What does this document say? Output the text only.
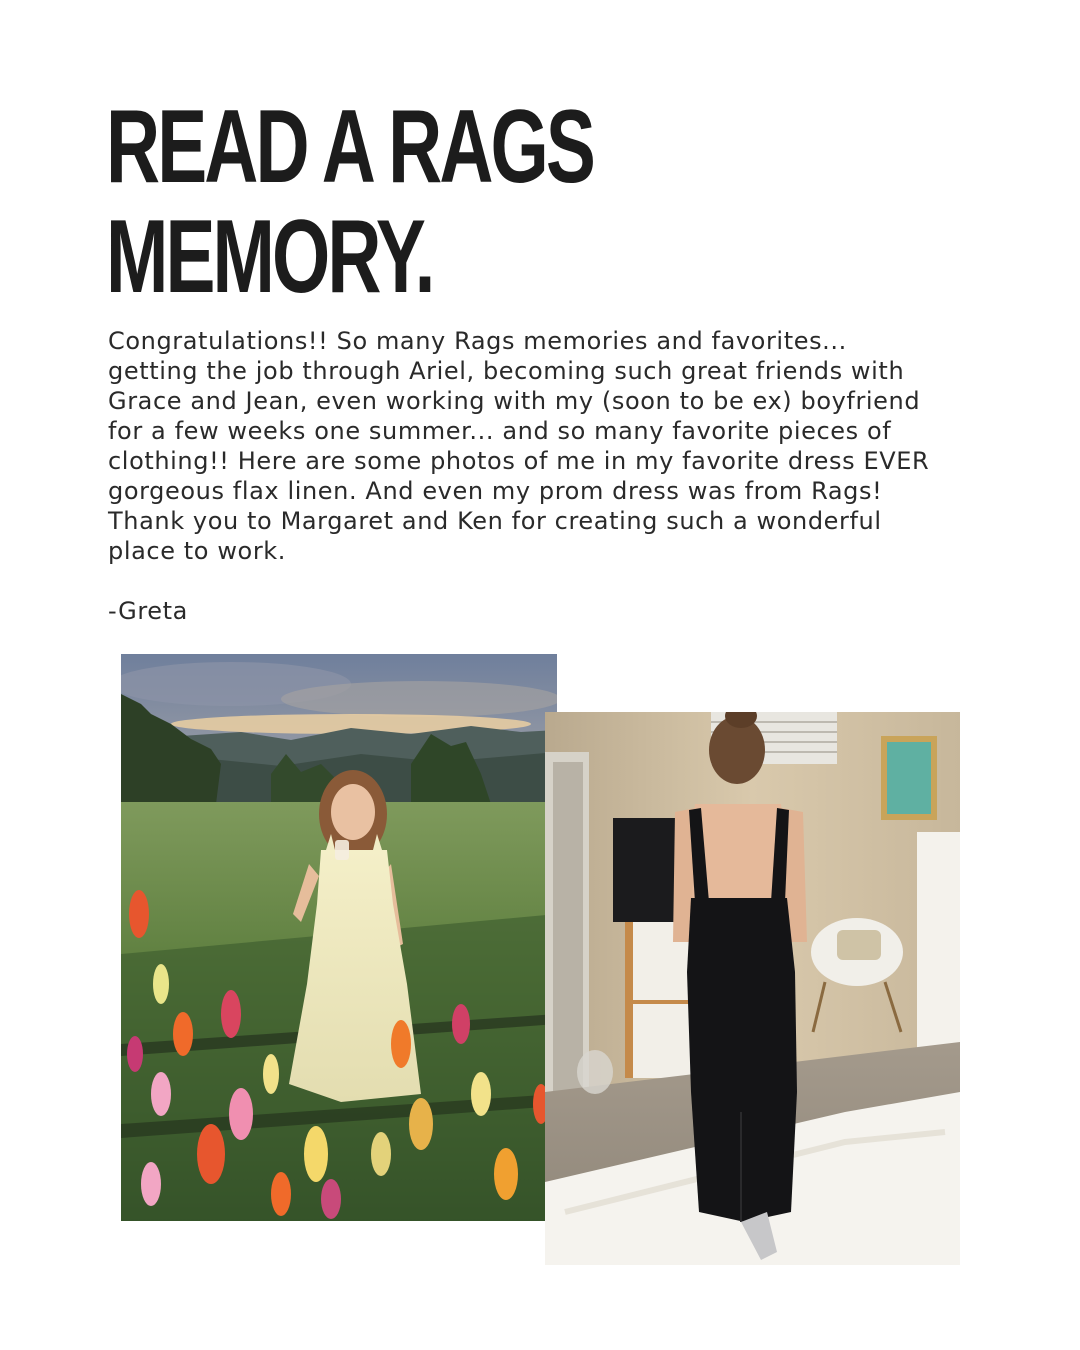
READ A RAGS
MEMORY.

Congratulations!! So many Rags memories and favorites...
getting the job through Ariel, becoming such great friends with
Grace and Jean, even working with my (soon to be ex) boyfriend
for a few weeks one summer... and so many favorite pieces of
clothing!! Here are some photos of me in my favorite dress EVER
gorgeous flax linen. And even my prom dress was from Rags!
Thank you to Margaret and Ken for creating such a wonderful
place to work.

-Greta
